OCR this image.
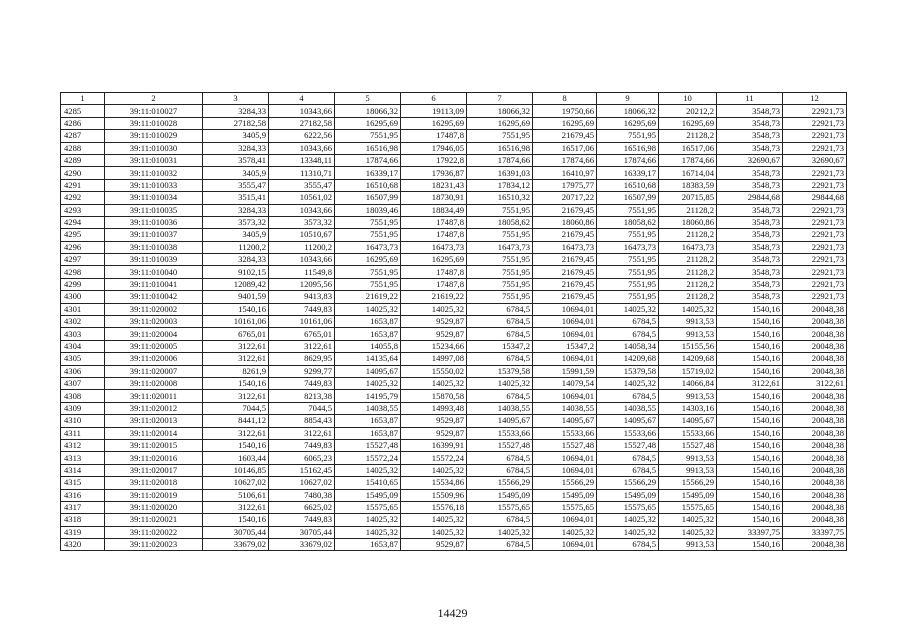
1	2	3	4	5	6	7	8	9	10	11	12
4285	39:11:010027	3284,33	10343,66	18066,32	19113,09	18066,32	19750,66	18066,32	20212,2	3548,73	22921,73
4286	39:11:010028	27182,58	27182,58	16295,69	16295,69	16295,69	16295,69	16295,69	16295,69	3548,73	22921,73
4287	39:11:010029	3405,9	6222,56	7551,95	17487,8	7551,95	21679,45	7551,95	21128,2	3548,73	22921,73
4288	39:11:010030	3284,33	10343,66	16516,98	17946,05	16516,98	16517,06	16516,98	16517,06	3548,73	22921,73
4289	39:11:010031	3578,41	13348,11	17874,66	17922,8	17874,66	17874,66	17874,66	17874,66	32690,67	32690,67
4290	39:11:010032	3405,9	11310,71	16339,17	17936,87	16391,03	16410,97	16339,17	16714,04	3548,73	22921,73
4291	39:11:010033	3555,47	3555,47	16510,68	18231,43	17834,12	17975,77	16510,68	18383,59	3548,73	22921,73
4292	39:11:010034	3515,41	10561,02	16507,99	18730,91	16510,32	20717,22	16507,99	20715,85	29844,68	29844,68
4293	39:11:010035	3284,33	10343,66	18039,46	18834,49	7551,95	21679,45	7551,95	21128,2	3548,73	22921,73
4294	39:11:010036	3573,32	3573,32	7551,95	17487,8	18058,62	18060,86	18058,62	18060,86	3548,73	22921,73
4295	39:11:010037	3405,9	10510,67	7551,95	17487,8	7551,95	21679,45	7551,95	21128,2	3548,73	22921,73
4296	39:11:010038	11200,2	11200,2	16473,73	16473,73	16473,73	16473,73	16473,73	16473,73	3548,73	22921,73
4297	39:11:010039	3284,33	10343,66	16295,69	16295,69	7551,95	21679,45	7551,95	21128,2	3548,73	22921,73
4298	39:11:010040	9102,15	11549,8	7551,95	17487,8	7551,95	21679,45	7551,95	21128,2	3548,73	22921,73
4299	39:11:010041	12089,42	12095,56	7551,95	17487,8	7551,95	21679,45	7551,95	21128,2	3548,73	22921,73
4300	39:11:010042	9401,59	9413,83	21619,22	21619,22	7551,95	21679,45	7551,95	21128,2	3548,73	22921,73
4301	39:11:020002	1540,16	7449,83	14025,32	14025,32	6784,5	10694,01	14025,32	14025,32	1540,16	20048,38
4302	39:11:020003	10161,06	10161,06	1653,87	9529,87	6784,5	10694,01	6784,5	9913,53	1540,16	20048,38
4303	39:11:020004	6765,01	6765,01	1653,87	9529,87	6784,5	10694,01	6784,5	9913,53	1540,16	20048,38
4304	39:11:020005	3122,61	3122,61	14055,8	15234,66	15347,2	15347,2	14058,34	15155,56	1540,16	20048,38
4305	39:11:020006	3122,61	8629,95	14135,64	14997,08	6784,5	10694,01	14209,68	14209,68	1540,16	20048,38
4306	39:11:020007	8261,9	9299,77	14095,67	15550,02	15379,58	15991,59	15379,58	15719,02	1540,16	20048,38
4307	39:11:020008	1540,16	7449,83	14025,32	14025,32	14025,32	14079,54	14025,32	14066,84	3122,61	3122,61
4308	39:11:020011	3122,61	8213,38	14195,79	15870,58	6784,5	10694,01	6784,5	9913,53	1540,16	20048,38
4309	39:11:020012	7044,5	7044,5	14038,55	14993,48	14038,55	14038,55	14038,55	14303,16	1540,16	20048,38
4310	39:11:020013	8441,12	8854,43	1653,87	9529,87	14095,67	14095,67	14095,67	14095,67	1540,16	20048,38
4311	39:11:020014	3122,61	3122,61	1653,87	9529,87	15533,66	15533,66	15533,66	15533,66	1540,16	20048,38
4312	39:11:020015	1540,16	7449,83	15527,48	16399,91	15527,48	15527,48	15527,48	15527,48	1540,16	20048,38
4313	39:11:020016	1603,44	6065,23	15572,24	15572,24	6784,5	10694,01	6784,5	9913,53	1540,16	20048,38
4314	39:11:020017	10146,85	15162,45	14025,32	14025,32	6784,5	10694,01	6784,5	9913,53	1540,16	20048,38
4315	39:11:020018	10627,02	10627,02	15410,65	15534,86	15566,29	15566,29	15566,29	15566,29	1540,16	20048,38
4316	39:11:020019	5106,61	7480,38	15495,09	15509,96	15495,09	15495,09	15495,09	15495,09	1540,16	20048,38
4317	39:11:020020	3122,61	6625,02	15575,65	15576,18	15575,65	15575,65	15575,65	15575,65	1540,16	20048,38
4318	39:11:020021	1540,16	7449,83	14025,32	14025,32	6784,5	10694,01	14025,32	14025,32	1540,16	20048,38
4319	39:11:020022	30705,44	30705,44	14025,32	14025,32	14025,32	14025,32	14025,32	14025,32	33397,75	33397,75
4320	39:11:020023	33679,02	33679,02	1653,87	9529,87	6784,5	10694,01	6784,5	9913,53	1540,16	20048,38
14429
